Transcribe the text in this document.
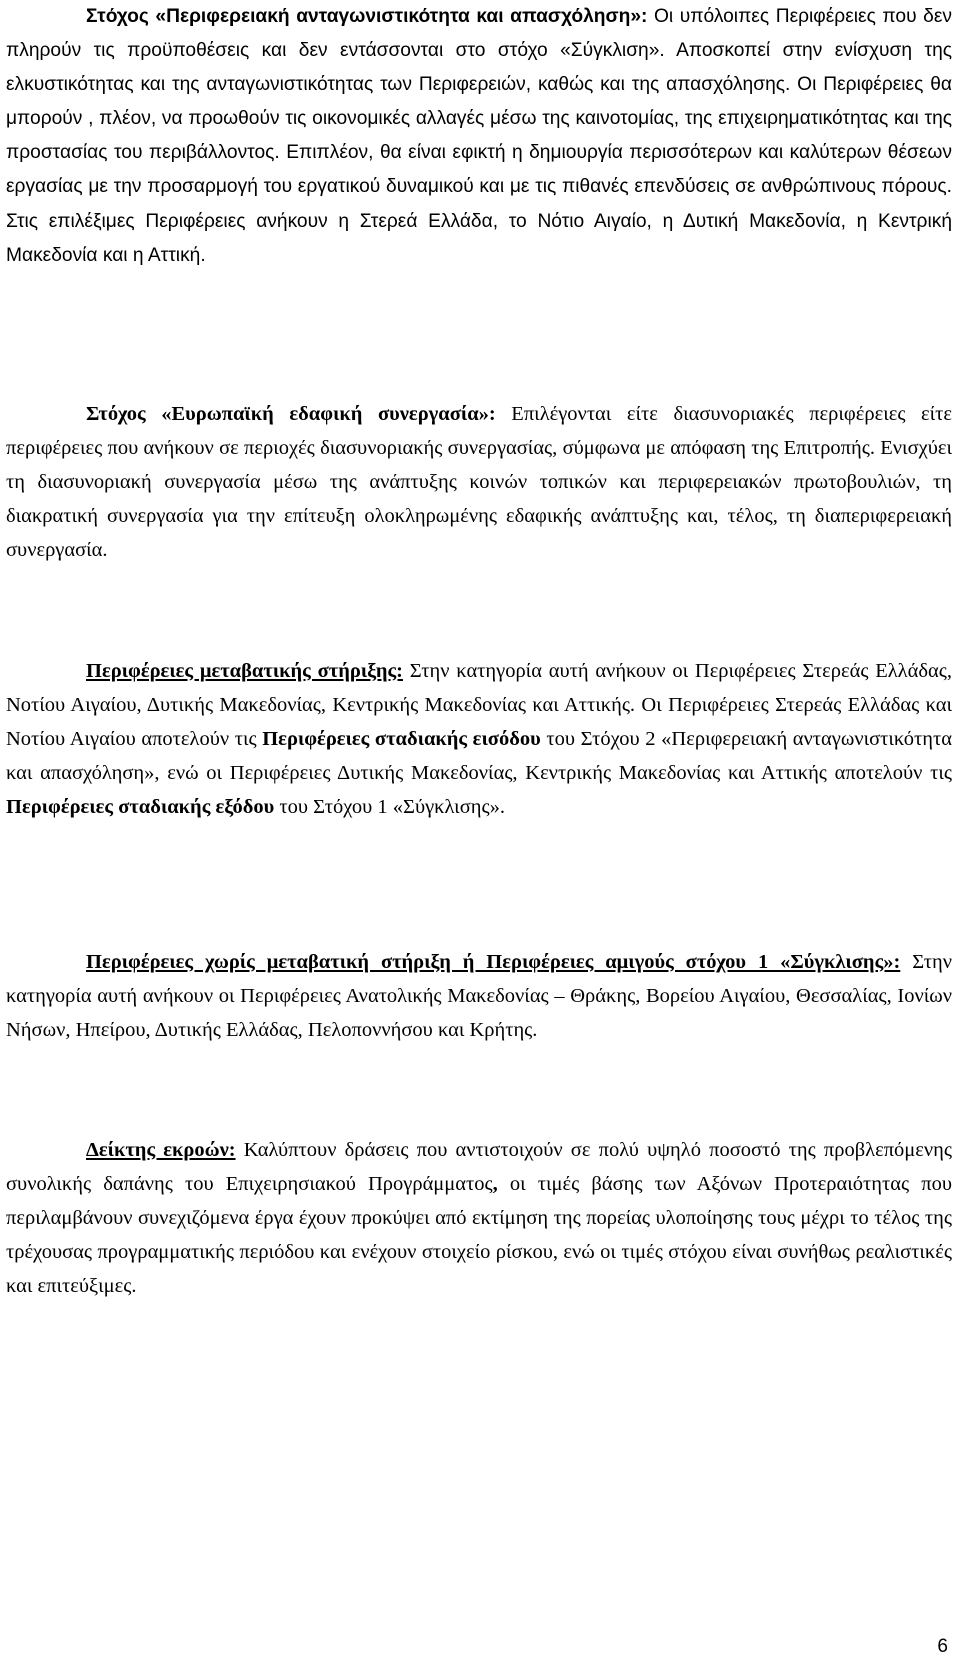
Στόχος «Περιφερειακή ανταγωνιστικότητα και απασχόληση»: Οι υπόλοιπες Περιφέρειες που δεν πληρούν τις προϋποθέσεις και δεν εντάσσονται στο στόχο «Σύγκλιση». Αποσκοπεί στην ενίσχυση της ελκυστικότητας και της ανταγωνιστικότητας των Περιφερειών, καθώς και της απασχόλησης. Οι Περιφέρειες θα μπορούν , πλέον, να προωθούν τις οικονομικές αλλαγές μέσω της καινοτομίας, της επιχειρηματικότητας και της προστασίας του περιβάλλοντος. Επιπλέον, θα είναι εφικτή η δημιουργία περισσότερων και καλύτερων θέσεων εργασίας με την προσαρμογή του εργατικού δυναμικού και με τις πιθανές επενδύσεις σε ανθρώπινους πόρους. Στις επιλέξιμες Περιφέρειες ανήκουν η Στερεά Ελλάδα, το Νότιο Αιγαίο, η Δυτική Μακεδονία, η Κεντρική Μακεδονία και η Αττική.

Στόχος «Ευρωπαϊκή εδαφική συνεργασία»: Επιλέγονται είτε διασυνοριακές περιφέρειες είτε περιφέρειες που ανήκουν σε περιοχές διασυνοριακής συνεργασίας, σύμφωνα με απόφαση της Επιτροπής. Ενισχύει τη διασυνοριακή συνεργασία μέσω της ανάπτυξης κοινών τοπικών και περιφερειακών πρωτοβουλιών, τη διακρατική συνεργασία για την επίτευξη ολοκληρωμένης εδαφικής ανάπτυξης και, τέλος, τη διαπεριφερειακή συνεργασία.

Περιφέρειες μεταβατικής στήριξης: Στην κατηγορία αυτή ανήκουν οι Περιφέρειες Στερεάς Ελλάδας, Νοτίου Αιγαίου, Δυτικής Μακεδονίας, Κεντρικής Μακεδονίας και Αττικής. Οι Περιφέρειες Στερεάς Ελλάδας και Νοτίου Αιγαίου αποτελούν τις Περιφέρειες σταδιακής εισόδου του Στόχου 2 «Περιφερειακή ανταγωνιστικότητα και απασχόληση», ενώ οι Περιφέρειες Δυτικής Μακεδονίας, Κεντρικής Μακεδονίας και Αττικής αποτελούν τις Περιφέρειες σταδιακής εξόδου του Στόχου 1 «Σύγκλισης».

Περιφέρειες χωρίς μεταβατική στήριξη ή Περιφέρειες αμιγούς στόχου 1 «Σύγκλισης»: Στην κατηγορία αυτή ανήκουν οι Περιφέρειες Ανατολικής Μακεδονίας – Θράκης, Βορείου Αιγαίου, Θεσσαλίας, Ιονίων Νήσων, Ηπείρου, Δυτικής Ελλάδας, Πελοποννήσου και Κρήτης.

Δείκτης εκροών: Καλύπτουν δράσεις που αντιστοιχούν σε πολύ υψηλό ποσοστό της προβλεπόμενης συνολικής δαπάνης του Επιχειρησιακού Προγράμματος, οι τιμές βάσης των Αξόνων Προτεραιότητας που περιλαμβάνουν συνεχιζόμενα έργα έχουν προκύψει από εκτίμηση της πορείας υλοποίησης τους μέχρι το τέλος της τρέχουσας προγραμματικής περιόδου και ενέχουν στοιχείο ρίσκου, ενώ οι τιμές στόχου είναι συνήθως ρεαλιστικές και επιτεύξιμες.

6
